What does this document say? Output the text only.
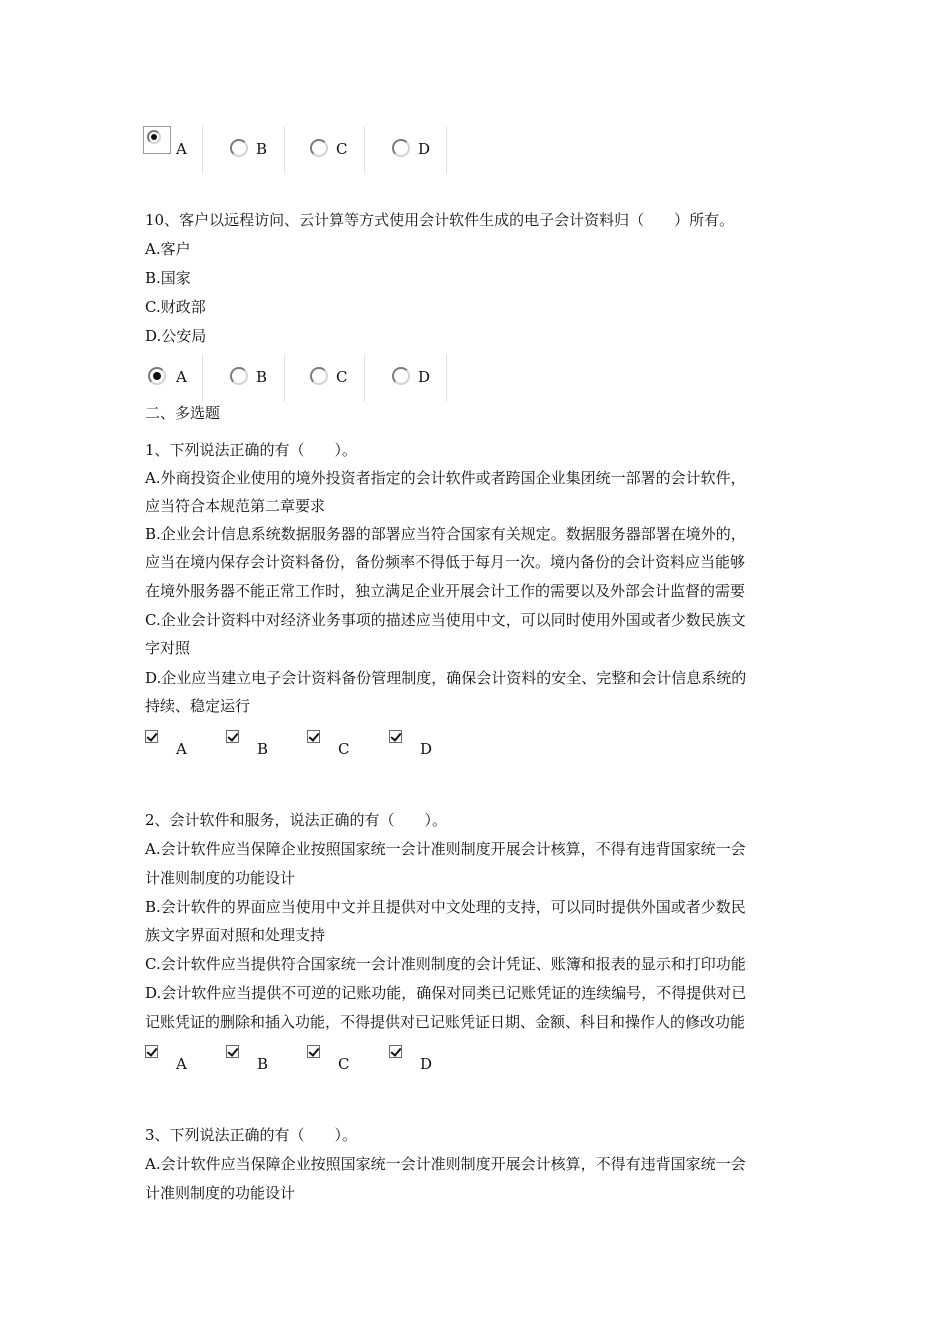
A	B	C	D
10、客户以远程访问、云计算等方式使用会计软件生成的电子会计资料归（　　）所有。
A.客户
B.国家
C.财政部
D.公安局
A	B	C	D
二、多选题
1、下列说法正确的有（　　）。
A.外商投资企业使用的境外投资者指定的会计软件或者跨国企业集团统一部署的会计软件，
应当符合本规范第二章要求
B.企业会计信息系统数据服务器的部署应当符合国家有关规定。数据服务器部署在境外的，
应当在境内保存会计资料备份，备份频率不得低于每月一次。境内备份的会计资料应当能够
在境外服务器不能正常工作时，独立满足企业开展会计工作的需要以及外部会计监督的需要
C.企业会计资料中对经济业务事项的描述应当使用中文，可以同时使用外国或者少数民族文
字对照
D.企业应当建立电子会计资料备份管理制度，确保会计资料的安全、完整和会计信息系统的
持续、稳定运行
A	B	C	D
2、会计软件和服务，说法正确的有（　　）。
A.会计软件应当保障企业按照国家统一会计准则制度开展会计核算，不得有违背国家统一会
计准则制度的功能设计
B.会计软件的界面应当使用中文并且提供对中文处理的支持，可以同时提供外国或者少数民
族文字界面对照和处理支持
C.会计软件应当提供符合国家统一会计准则制度的会计凭证、账簿和报表的显示和打印功能
D.会计软件应当提供不可逆的记账功能，确保对同类已记账凭证的连续编号，不得提供对已
记账凭证的删除和插入功能，不得提供对已记账凭证日期、金额、科目和操作人的修改功能
A	B	C	D
3、下列说法正确的有（　　）。
A.会计软件应当保障企业按照国家统一会计准则制度开展会计核算，不得有违背国家统一会
计准则制度的功能设计
